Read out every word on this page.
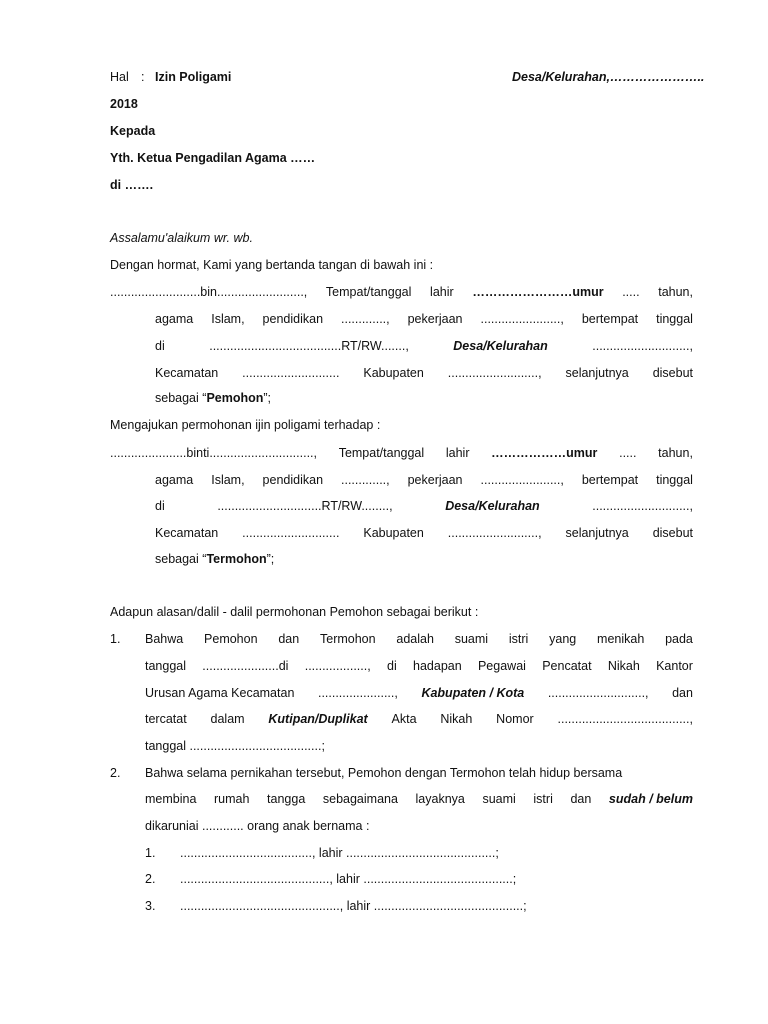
Hal : Izin Poligami	Desa/Kelurahan,…………………..
2018
Kepada
Yth. Ketua Pengadilan Agama ……
di …….
Assalamu'alaikum wr. wb.
Dengan hormat, Kami yang bertanda tangan di bawah ini :
..........................bin........................., Tempat/tanggal lahir ……………………umur ..... tahun,
agama Islam, pendidikan ............., pekerjaan ......................., bertempat tinggal
di	......................................RT/RW.......,	Desa/Kelurahan	............................,
Kecamatan ............................ Kabupaten .........................., selanjutnya disebut
sebagai “Pemohon”;
Mengajukan permohonan ijin poligami terhadap :
......................binti.............................., Tempat/tanggal lahir ………………umur ..... tahun,
agama Islam, pendidikan ............., pekerjaan ......................., bertempat tinggal
di	..............................RT/RW........,	Desa/Kelurahan	............................,
Kecamatan ............................ Kabupaten .........................., selanjutnya disebut
sebagai “Termohon”;
Adapun alasan/dalil - dalil permohonan Pemohon sebagai berikut :
1. Bahwa Pemohon dan Termohon adalah suami istri yang menikah pada
tanggal ......................di .................., di hadapan Pegawai Pencatat Nikah Kantor
Urusan Agama Kecamatan ......................, Kabupaten / Kota ............................, dan
tercatat dalam Kutipan/Duplikat Akta Nikah Nomor ......................................,
tanggal ......................................;
2. Bahwa selama pernikahan tersebut, Pemohon dengan Termohon telah hidup bersama
membina rumah tangga sebagaimana layaknya suami istri dan sudah / belum
dikaruniai ............ orang anak bernama :
1. ......................................, lahir ...........................................;
2. ..........................................., lahir ...........................................;
3. .............................................., lahir ...........................................;
